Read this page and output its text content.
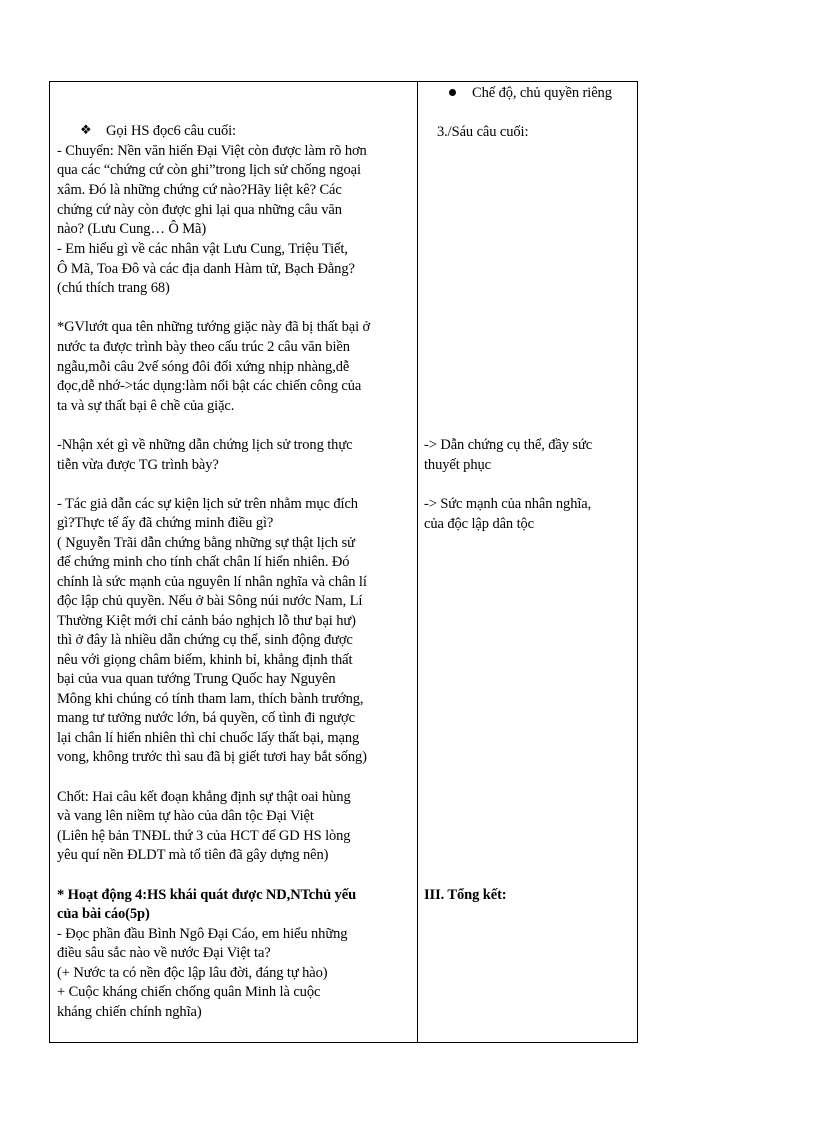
Chế độ, chủ quyền riêng
3./Sáu câu cuối:
-> Dẫn chứng cụ thể, đầy sức
thuyết phục
-> Sức mạnh của nhân nghĩa,
của độc lập dân tộc
III. Tổng kết:
❖ Gọi HS đọc6 câu cuối:
- Chuyển: Nền văn hiến Đại Việt còn được làm rõ hơn
qua các “chứng cứ còn ghi”trong lịch sử chống ngoại
xâm. Đó là những chứng cứ nào?Hãy liệt kê? Các
chứng cứ này còn được ghi lại qua những câu văn
nào? (Lưu Cung… Ô Mã)
- Em hiểu gì về các nhân vật Lưu Cung, Triệu Tiết,
Ô Mã, Toa Đô và các địa danh Hàm tử, Bạch Đằng?
(chú thích trang 68)
*GVlướt qua tên những tướng giặc này đã bị thất bại ở
nước ta được trình bày theo cấu trúc 2 câu văn biền
ngẫu,mỗi câu 2vế sóng đôi đối xứng nhịp nhàng,dễ
đọc,dễ nhớ->tác dụng:làm nổi bật các chiến công của
ta và sự thất bại ê chề của giặc.
-Nhận xét gì về những dẫn chứng lịch sử trong thực
tiễn vừa được TG trình bày?
- Tác giả dẫn các sự kiện lịch sử trên nhằm mục đích
gì?Thực tế ấy đã chứng minh điều gì?
( Nguyễn Trãi dẫn chứng bằng những sự thật lịch sử
để chứng minh cho tính chất chân lí hiển nhiên. Đó
chính là sức mạnh của nguyên lí nhân nghĩa và chân lí
độc lập chủ quyền. Nếu ở bài Sông núi nước Nam, Lí
Thường Kiệt mới chỉ cảnh báo nghịch lỗ thư bại hư)
thì ở đây là nhiều dẫn chứng cụ thể, sinh động được
nêu với giọng châm biếm, khinh bỉ, khẳng định thất
bại của vua quan tướng Trung Quốc hay Nguyên
Mông khi chúng có tính tham lam, thích bành trướng,
mang tư tưởng nước lớn, bá quyền, cố tình đi ngược
lại chân lí hiển nhiên thì chỉ chuốc lấy thất bại, mạng
vong, không trước thì sau đã bị giết tươi hay bắt sống)
Chốt: Hai câu kết đoạn khẳng định sự thật oai hùng
và vang lên niềm tự hào của dân tộc Đại Việt
(Liên hệ bản TNĐL thứ 3 của HCT để GD HS lòng
yêu quí nền ĐLDT mà tổ tiên đã gây dựng nên)
* Hoạt động 4:HS khái quát được ND,NTchủ yếu
của bài cáo(5p)
- Đọc phần đầu Bình Ngô Đại Cáo, em hiểu những
điều sâu sắc nào về nước Đại Việt ta?
(+ Nước ta có nền độc lập lâu đời, đáng tự hào)
+ Cuộc kháng chiến chống quân Minh là cuộc
kháng chiến chính nghĩa)
